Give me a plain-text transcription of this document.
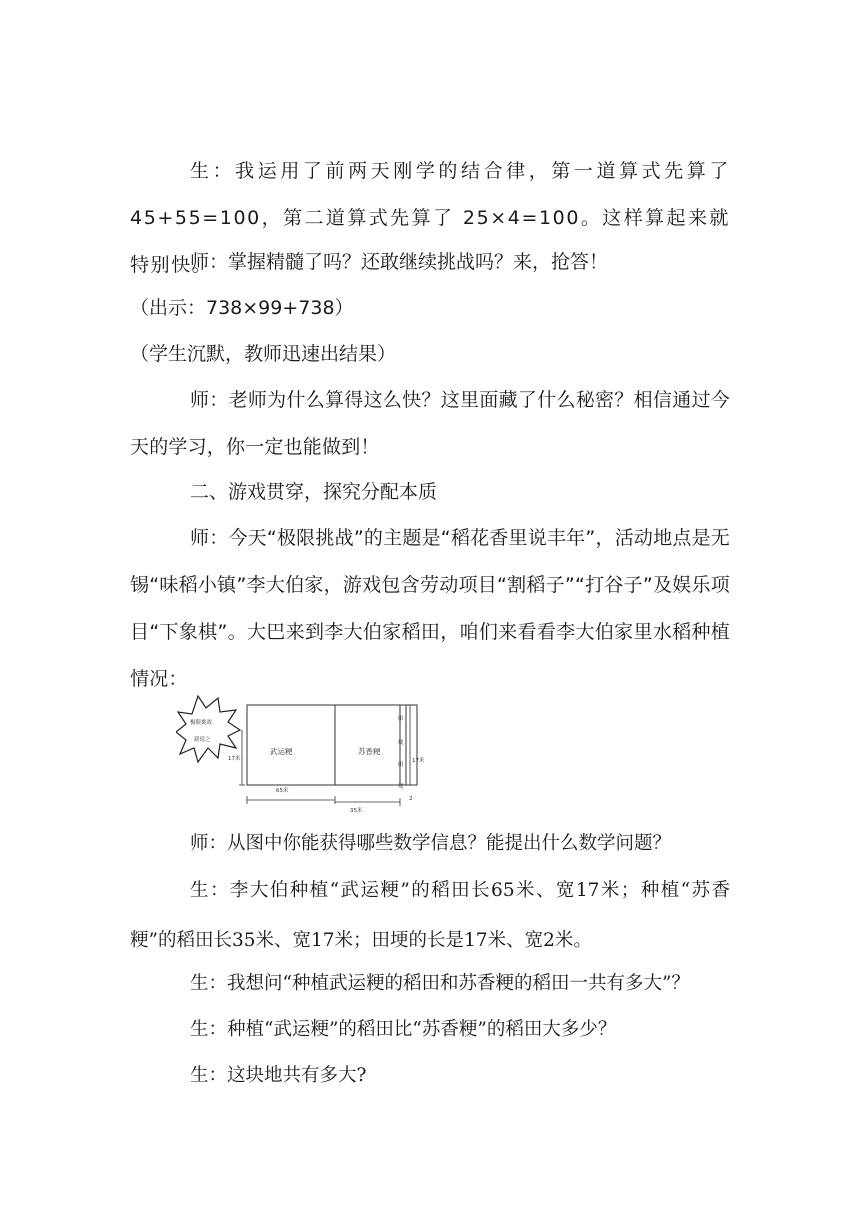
生：我运用了前两天刚学的结合律，第一道算式先算了45+55=100，第二道算式先算了 25×4=100。这样算起来就特别快。

师：掌握精髓了吗？还敢继续挑战吗？来，抢答！

（出示：738×99+738）

（学生沉默，教师迅速出结果）

师：老师为什么算得这么快？这里面藏了什么秘密？相信通过今天的学习，你一定也能做到！

二、游戏贯穿，探究分配本质

师：今天“极限挑战”的主题是“稻花香里说丰年”，活动地点是无锡“味稻小镇”李大伯家，游戏包含劳动项目“割稻子”“打谷子”及娱乐项目“下象棋”。大巴来到李大伯家稻田，咱们来看看李大伯家里水稻种植情况：

极限挑战
新说之
武运粳	苏香粳
田
埂
田
埂
17米	17米
65米
35米
2

师：从图中你能获得哪些数学信息？能提出什么数学问题？

生：李大伯种植“武运粳”的稻田长65米、宽17米；种植“苏香粳”的稻田长35米、宽17米；田埂的长是17米、宽2米。

生：我想问“种植武运粳的稻田和苏香粳的稻田一共有多大”？

生：种植“武运粳”的稻田比“苏香粳”的稻田大多少？

生：这块地共有多大?
